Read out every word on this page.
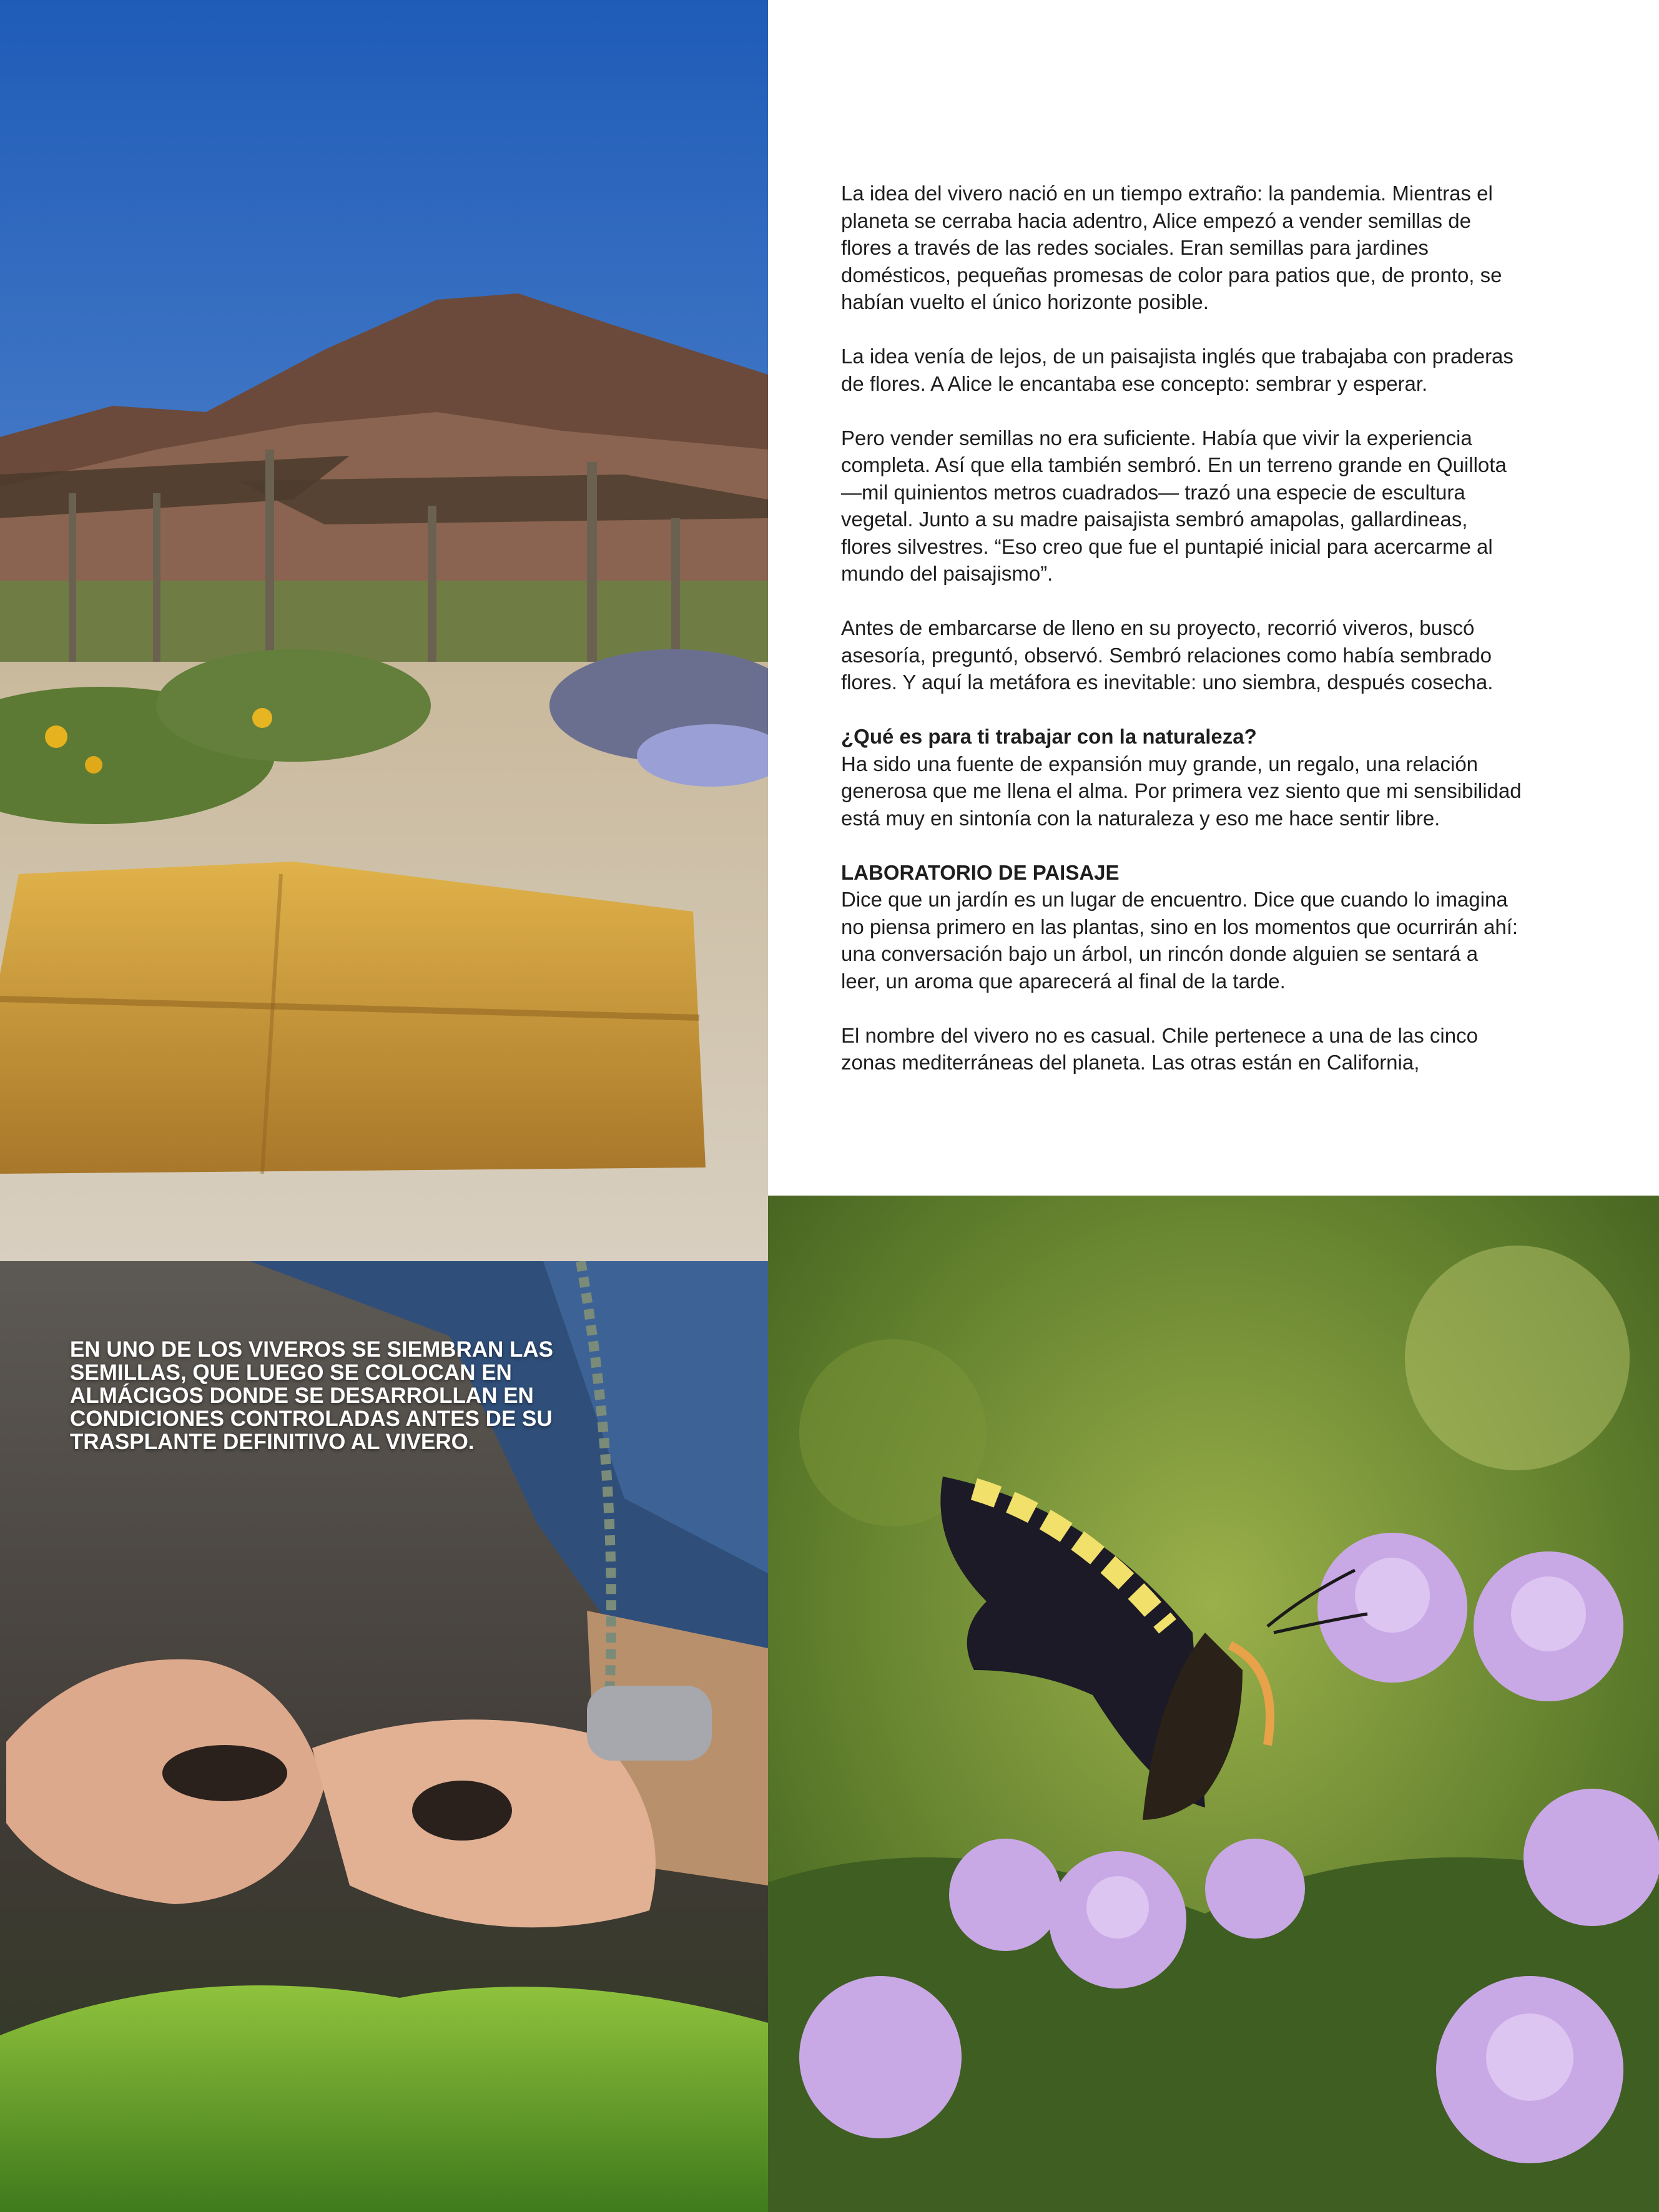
La idea del vivero nació en un tiempo extraño: la pandemia. Mientras el planeta se cerraba hacia adentro, Alice empezó a vender semillas de flores a través de las redes sociales. Eran semillas para jardines domésticos, pequeñas promesas de color para patios que, de pronto, se habían vuelto el único horizonte posible.

La idea venía de lejos, de un paisajista inglés que trabajaba con praderas de flores. A Alice le encantaba ese concepto: sembrar y esperar.

Pero vender semillas no era suficiente. Había que vivir la experiencia completa. Así que ella también sembró. En un terreno grande en Quillota —mil quinientos metros cuadrados— trazó una especie de escultura vegetal. Junto a su madre paisajista sembró amapolas, gallardineas, flores silvestres. “Eso creo que fue el puntapié inicial para acercarme al mundo del paisajismo”.

Antes de embarcarse de lleno en su proyecto, recorrió viveros, buscó asesoría, preguntó, observó. Sembró relaciones como había sembrado flores. Y aquí la metáfora es inevitable: uno siembra, después cosecha.

¿Qué es para ti trabajar con la naturaleza?
Ha sido una fuente de expansión muy grande, un regalo, una relación generosa que me llena el alma. Por primera vez siento que mi sensibilidad está muy en sintonía con la naturaleza y eso me hace sentir libre.

LABORATORIO DE PAISAJE
Dice que un jardín es un lugar de encuentro. Dice que cuando lo imagina no piensa primero en las plantas, sino en los momentos que ocurrirán ahí: una conversación bajo un árbol, un rincón donde alguien se sentará a leer, un aroma que aparecerá al final de la tarde.

El nombre del vivero no es casual. Chile pertenece a una de las cinco zonas mediterráneas del planeta. Las otras están en California,

EN UNO DE LOS VIVEROS SE SIEMBRAN LAS SEMILLAS, QUE LUEGO SE COLOCAN EN ALMÁCIGOS DONDE SE DESARROLLAN EN CONDICIONES CONTROLADAS ANTES DE SU TRASPLANTE DEFINITIVO AL VIVERO.
